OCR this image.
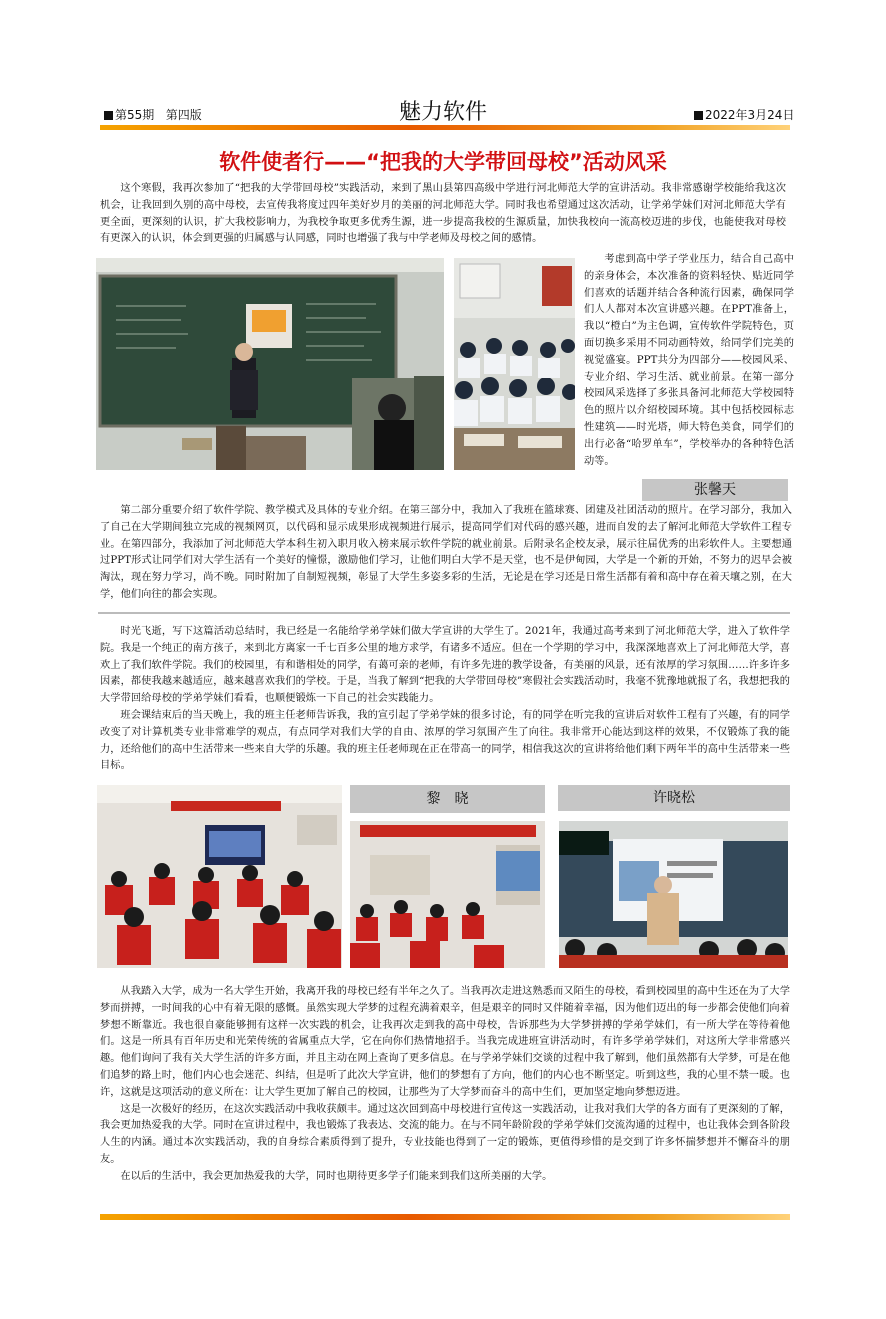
第55期 第四版	魅力软件	2022年3月24日
软件使者行——“把我的大学带回母校”活动风采

这个寒假，我再次参加了“把我的大学带回母校”实践活动，来到了黑山县第四高级中学进行河北师范大学的宣讲活动。我非常感谢学校能给我这次机会，让我回到久别的高中母校，去宣传我将度过四年美好岁月的美丽的河北师范大学。同时我也希望通过这次活动，让学弟学妹们对河北师范大学有更全面，更深刻的认识，扩大我校影响力，为我校争取更多优秀生源，进一步提高我校的生源质量，加快我校向一流高校迈进的步伐，也能使我对母校有更深入的认识，体会到更强的归属感与认同感，同时也增强了我与中学老师及母校之间的感情。

考虑到高中学子学业压力，结合自己高中的亲身体会，本次准备的资料轻快、贴近同学们喜欢的话题并结合各种流行因素，确保同学们人人都对本次宣讲感兴趣。在PPT准备上，我以“橙白”为主色调，宣传软件学院特色，页面切换多采用不同动画特效，给同学们完美的视觉盛宴。PPT共分为四部分——校园风采、专业介绍、学习生活、就业前景。在第一部分校园风采选择了多张具备河北师范大学校园特色的照片以介绍校园环境。其中包括校园标志性建筑——时光塔，师大特色美食，同学们的出行必备“哈罗单车”，学校举办的各种特色活动等。

张馨天

第二部分重要介绍了软件学院、教学模式及具体的专业介绍。在第三部分中，我加入了我班在篮球赛、团建及社团活动的照片。在学习部分，我加入了自己在大学期间独立完成的视频网页，以代码和显示成果形成视频进行展示，提高同学们对代码的感兴趣，进而自发的去了解河北师范大学软件工程专业。在第四部分，我添加了河北师范大学本科生初入职月收入榜来展示软件学院的就业前景。后附录名企校友录，展示往届优秀的出彩软件人。主要想通过PPT形式让同学们对大学生活有一个美好的憧憬，激励他们学习，让他们明白大学不是天堂，也不是伊甸园，大学是一个新的开始，不努力的迟早会被淘汰，现在努力学习，尚不晚。同时附加了自制短视频，彰显了大学生多姿多彩的生活，无论是在学习还是日常生活都有着和高中存在着天壤之别，在大学，他们向往的都会实现。

时光飞逝，写下这篇活动总结时，我已经是一名能给学弟学妹们做大学宣讲的大学生了。2021年，我通过高考来到了河北师范大学，进入了软件学院。我是一个纯正的南方孩子，来到北方离家一千七百多公里的地方求学，有诸多不适应。但在一个学期的学习中，我深深地喜欢上了河北师范大学，喜欢上了我们软件学院。我们的校园里，有和谐相处的同学，有蔼可亲的老师，有许多先进的教学设备，有美丽的风景，还有浓厚的学习氛围……许多许多因素，都使我越来越适应，越来越喜欢我们的学校。于是，当我了解到“把我的大学带回母校”寒假社会实践活动时，我毫不犹豫地就报了名，我想把我的大学带回给母校的学弟学妹们看看，也顺便锻炼一下自己的社会实践能力。

班会课结束后的当天晚上，我的班主任老师告诉我，我的宣引起了学弟学妹的很多讨论，有的同学在听完我的宣讲后对软件工程有了兴趣，有的同学改变了对计算机类专业非常难学的观点，有点同学对我们大学的自由、浓厚的学习氛围产生了向往。我非常开心能达到这样的效果，不仅锻炼了我的能力，还给他们的高中生活带来一些来自大学的乐趣。我的班主任老师现在正在带高一的同学，相信我这次的宣讲将给他们剩下两年半的高中生活带来一些目标。

黎　晓	许晓松

从我踏入大学，成为一名大学生开始，我离开我的母校已经有半年之久了。当我再次走进这熟悉而又陌生的母校，看到校园里的高中生还在为了大学梦而拼搏，一时间我的心中有着无限的感慨。虽然实现大学梦的过程充满着艰辛，但是艰辛的同时又伴随着幸福，因为他们迈出的每一步都会使他们向着梦想不断靠近。我也很自豪能够拥有这样一次实践的机会，让我再次走到我的高中母校，告诉那些为大学梦拼搏的学弟学妹们，有一所大学在等待着他们。这是一所具有百年历史和光荣传统的省属重点大学，它在向你们热情地招手。当我完成进班宣讲活动时，有许多学弟学妹们，对这所大学非常感兴趣。他们询问了我有关大学生活的许多方面，并且主动在网上查询了更多信息。在与学弟学妹们交谈的过程中我了解到，他们虽然都有大学梦，可是在他们追梦的路上时，他们内心也会迷茫、纠结，但是听了此次大学宣讲，他们的梦想有了方向，他们的内心也不断坚定。听到这些，我的心里不禁一暖。也许，这就是这项活动的意义所在：让大学生更加了解自己的校园，让那些为了大学梦而奋斗的高中生们，更加坚定地向梦想迈进。

这是一次极好的经历，在这次实践活动中我收获颇丰。通过这次回到高中母校进行宣传这一实践活动，让我对我们大学的各方面有了更深刻的了解，我会更加热爱我的大学。同时在宣讲过程中，我也锻炼了我表达、交流的能力。在与不同年龄阶段的学弟学妹们交流沟通的过程中，也让我体会到各阶段人生的内涵。通过本次实践活动，我的自身综合素质得到了提升，专业技能也得到了一定的锻炼，更值得珍惜的是交到了许多怀揣梦想并不懈奋斗的朋友。

在以后的生活中，我会更加热爱我的大学，同时也期待更多学子们能来到我们这所美丽的大学。
